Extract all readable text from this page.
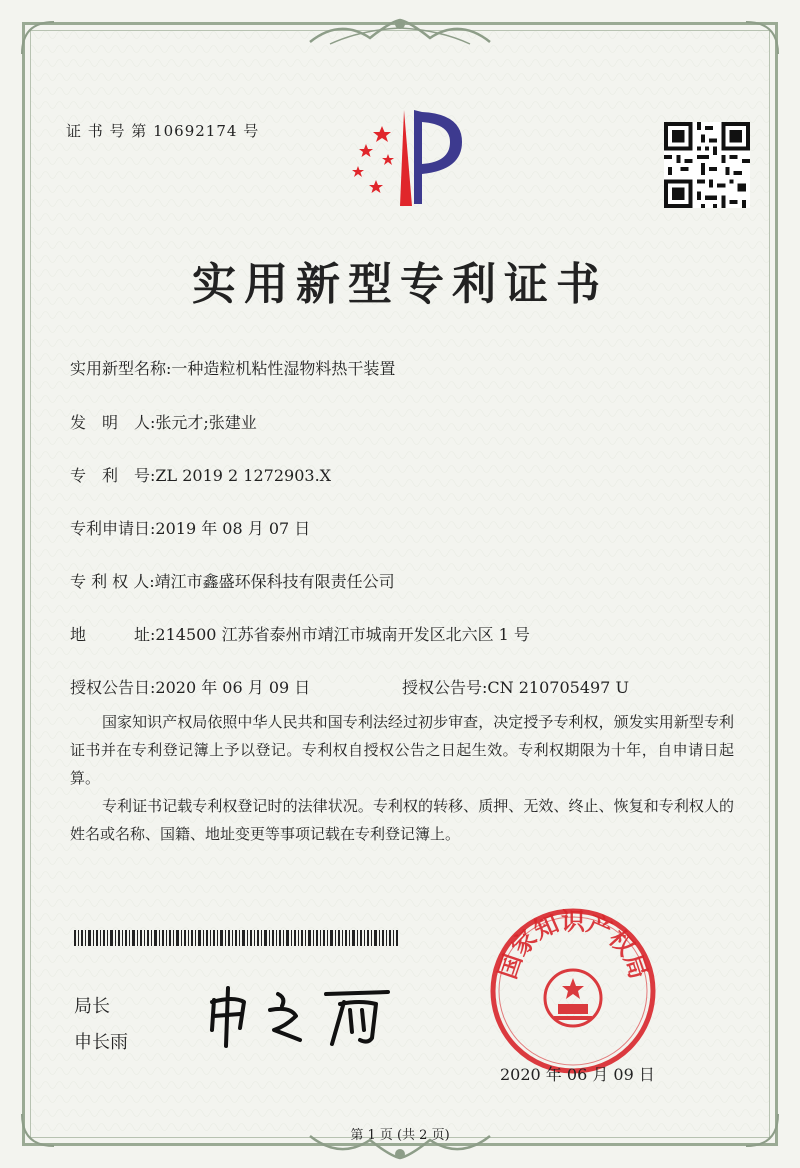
证 书 号 第 10692174 号
实用新型专利证书
实用新型名称:一种造粒机粘性湿物料热干装置
发　明　人:张元才;张建业
专　利　号:ZL 2019 2 1272903.X
专利申请日:2019 年 08 月 07 日
专 利 权 人:靖江市鑫盛环保科技有限责任公司
地　　　址:214500 江苏省泰州市靖江市城南开发区北六区 1 号
授权公告日:2020 年 06 月 09 日	授权公告号:CN 210705497 U
国家知识产权局依照中华人民共和国专利法经过初步审查，决定授予专利权，颁发实用新型专利证书并在专利登记簿上予以登记。专利权自授权公告之日起生效。专利权期限为十年，自申请日起算。
专利证书记载专利权登记时的法律状况。专利权的转移、质押、无效、终止、恢复和专利权人的姓名或名称、国籍、地址变更等事项记载在专利登记簿上。
局长
申长雨
国家知识产权局
2020 年 06 月 09 日
第 1 页 (共 2 页)
